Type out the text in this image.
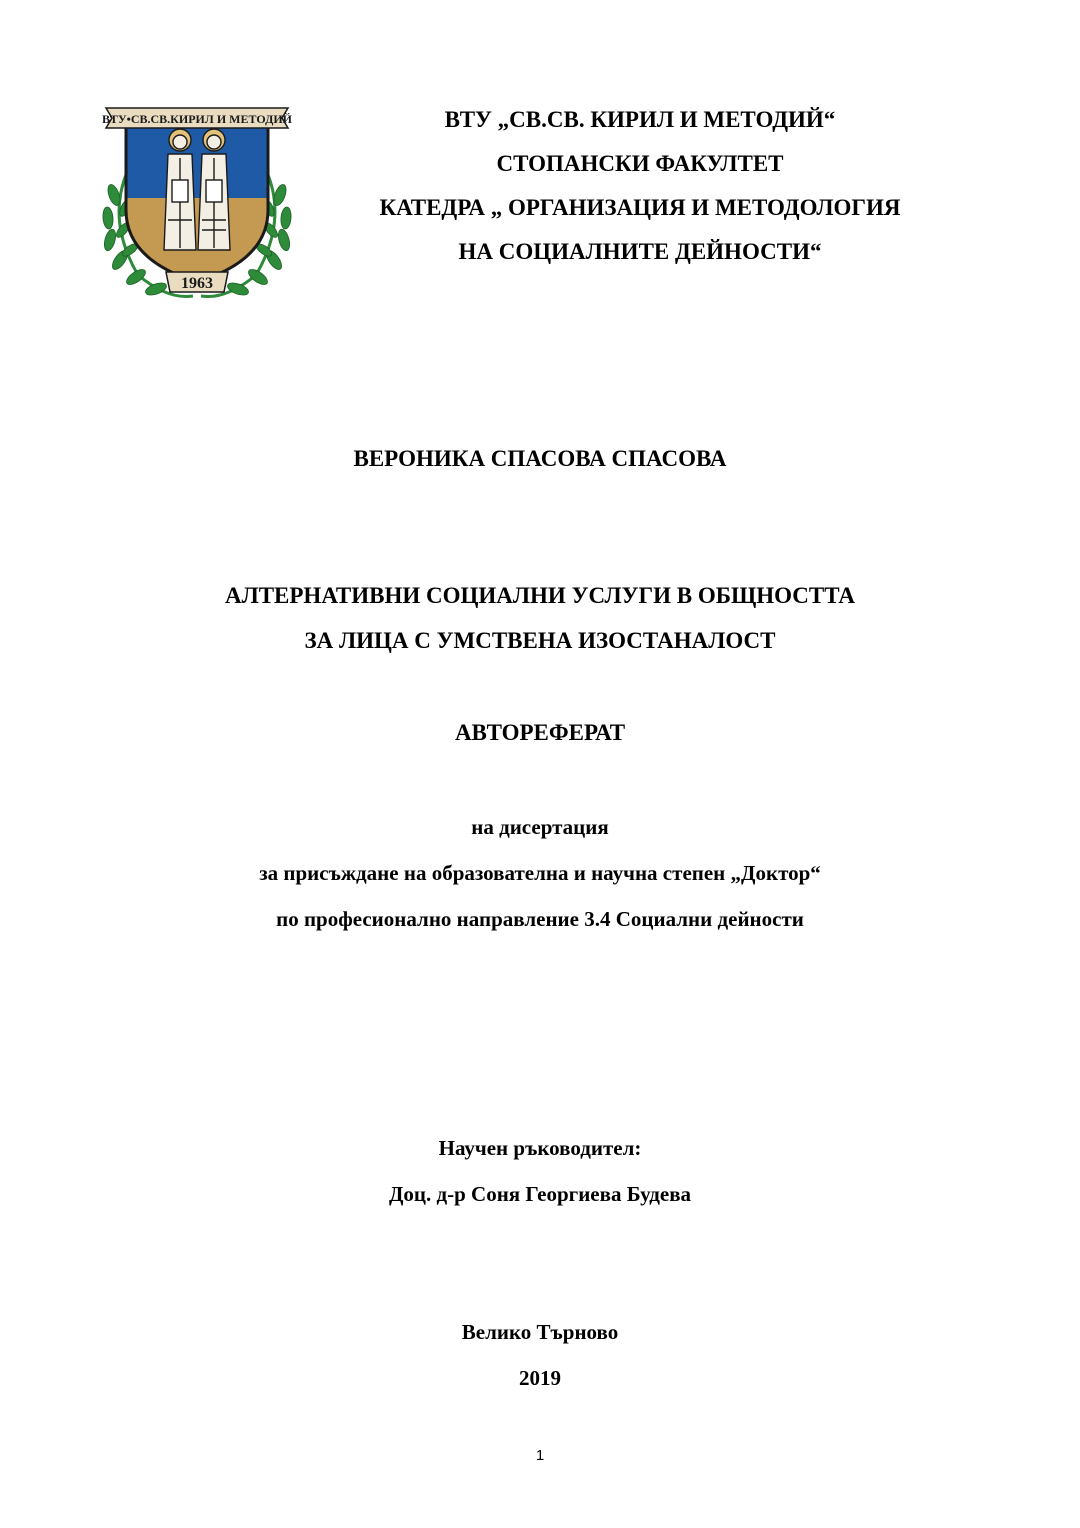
ВТУ•СВ.СВ.КИРИЛ И МЕТОДИЙ
1963
ВТУ „СВ.СВ. КИРИЛ И МЕТОДИЙ“
СТОПАНСКИ ФАКУЛТЕТ
КАТЕДРА „ ОРГАНИЗАЦИЯ И МЕТОДОЛОГИЯ
НА СОЦИАЛНИТЕ ДЕЙНОСТИ“
ВЕРОНИКА СПАСОВА СПАСОВА
АЛТЕРНАТИВНИ СОЦИАЛНИ УСЛУГИ В ОБЩНОСТТА
ЗА ЛИЦА С УМСТВЕНА ИЗОСТАНАЛОСТ
АВТОРЕФЕРАТ
на дисертация
за присъждане на образователна и научна степен „Доктор“
по професионално направление 3.4 Социални дейности
Научен ръководител:
Доц. д-р Соня Георгиева Будева
Велико Търново
2019
1
